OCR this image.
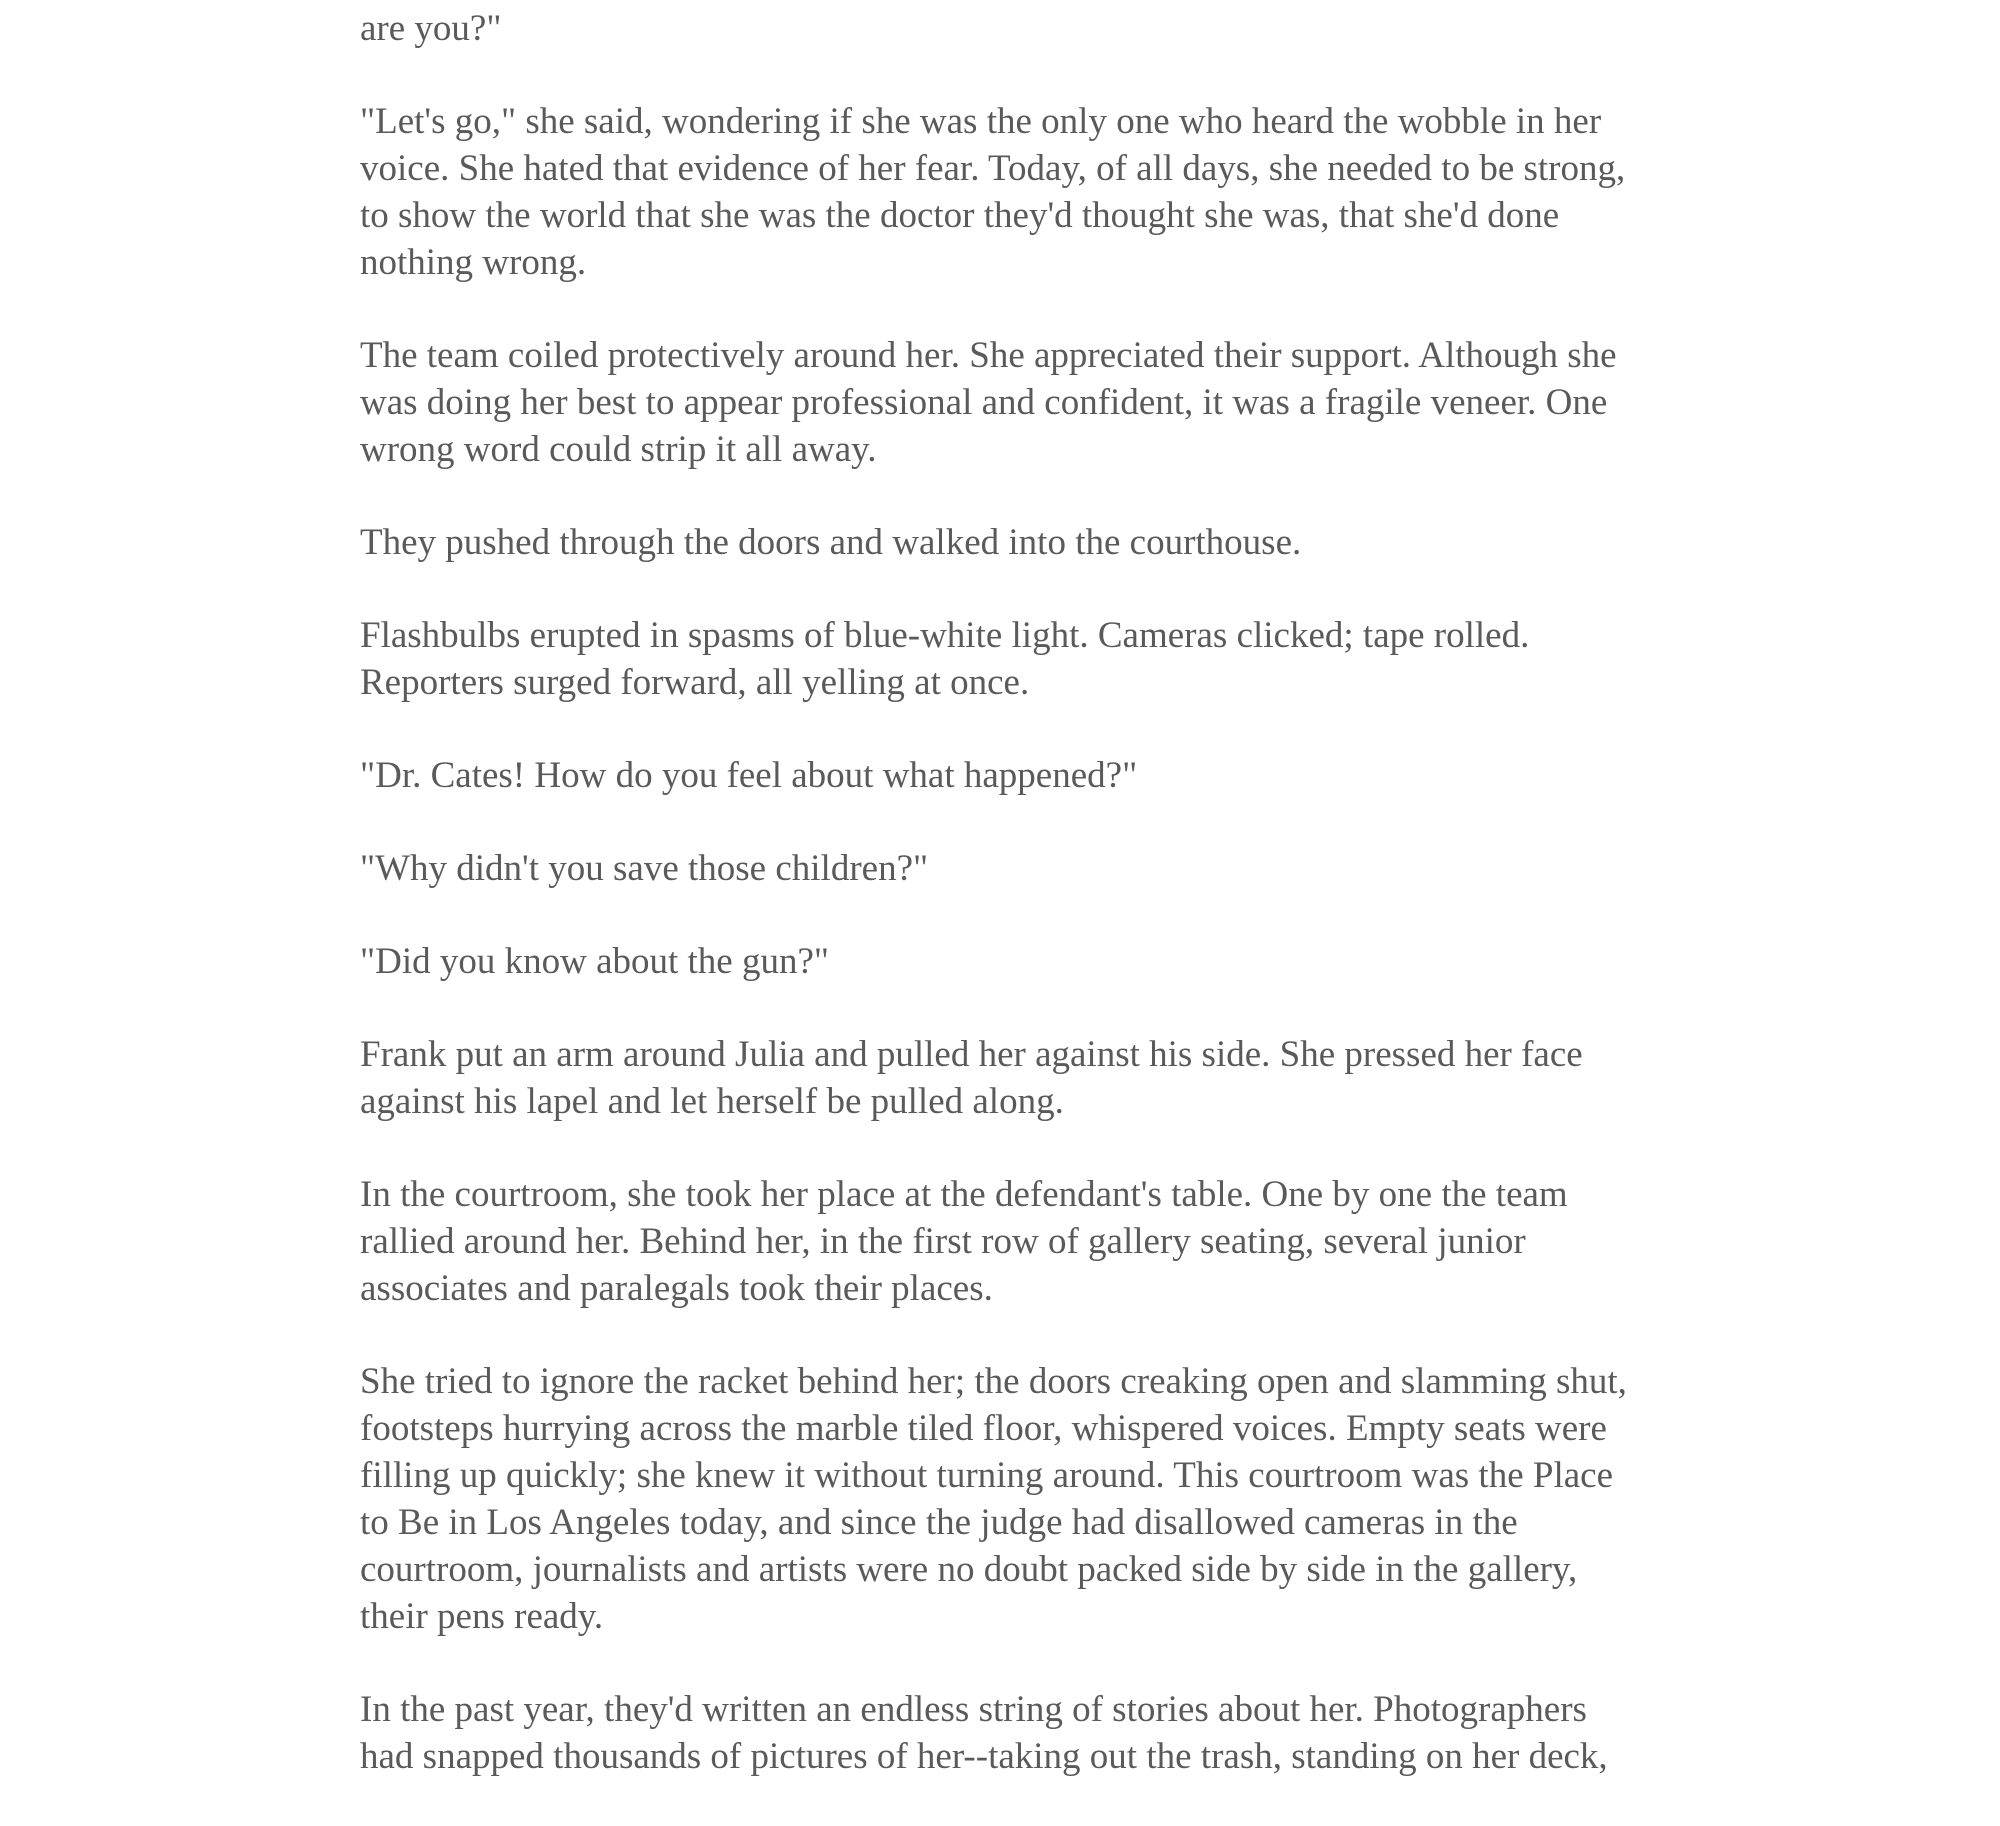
are you?"

"Let's go," she said, wondering if she was the only one who heard the wobble in her
voice. She hated that evidence of her fear. Today, of all days, she needed to be strong,
to show the world that she was the doctor they'd thought she was, that she'd done
nothing wrong.

The team coiled protectively around her. She appreciated their support. Although she
was doing her best to appear professional and confident, it was a fragile veneer. One
wrong word could strip it all away.

They pushed through the doors and walked into the courthouse.

Flashbulbs erupted in spasms of blue-white light. Cameras clicked; tape rolled.
Reporters surged forward, all yelling at once.

"Dr. Cates! How do you feel about what happened?"

"Why didn't you save those children?"

"Did you know about the gun?"

Frank put an arm around Julia and pulled her against his side. She pressed her face
against his lapel and let herself be pulled along.

In the courtroom, she took her place at the defendant's table. One by one the team
rallied around her. Behind her, in the first row of gallery seating, several junior
associates and paralegals took their places.

She tried to ignore the racket behind her; the doors creaking open and slamming shut,
footsteps hurrying across the marble tiled floor, whispered voices. Empty seats were
filling up quickly; she knew it without turning around. This courtroom was the Place
to Be in Los Angeles today, and since the judge had disallowed cameras in the
courtroom, journalists and artists were no doubt packed side by side in the gallery,
their pens ready.

In the past year, they'd written an endless string of stories about her. Photographers
had snapped thousands of pictures of her--taking out the trash, standing on her deck,
